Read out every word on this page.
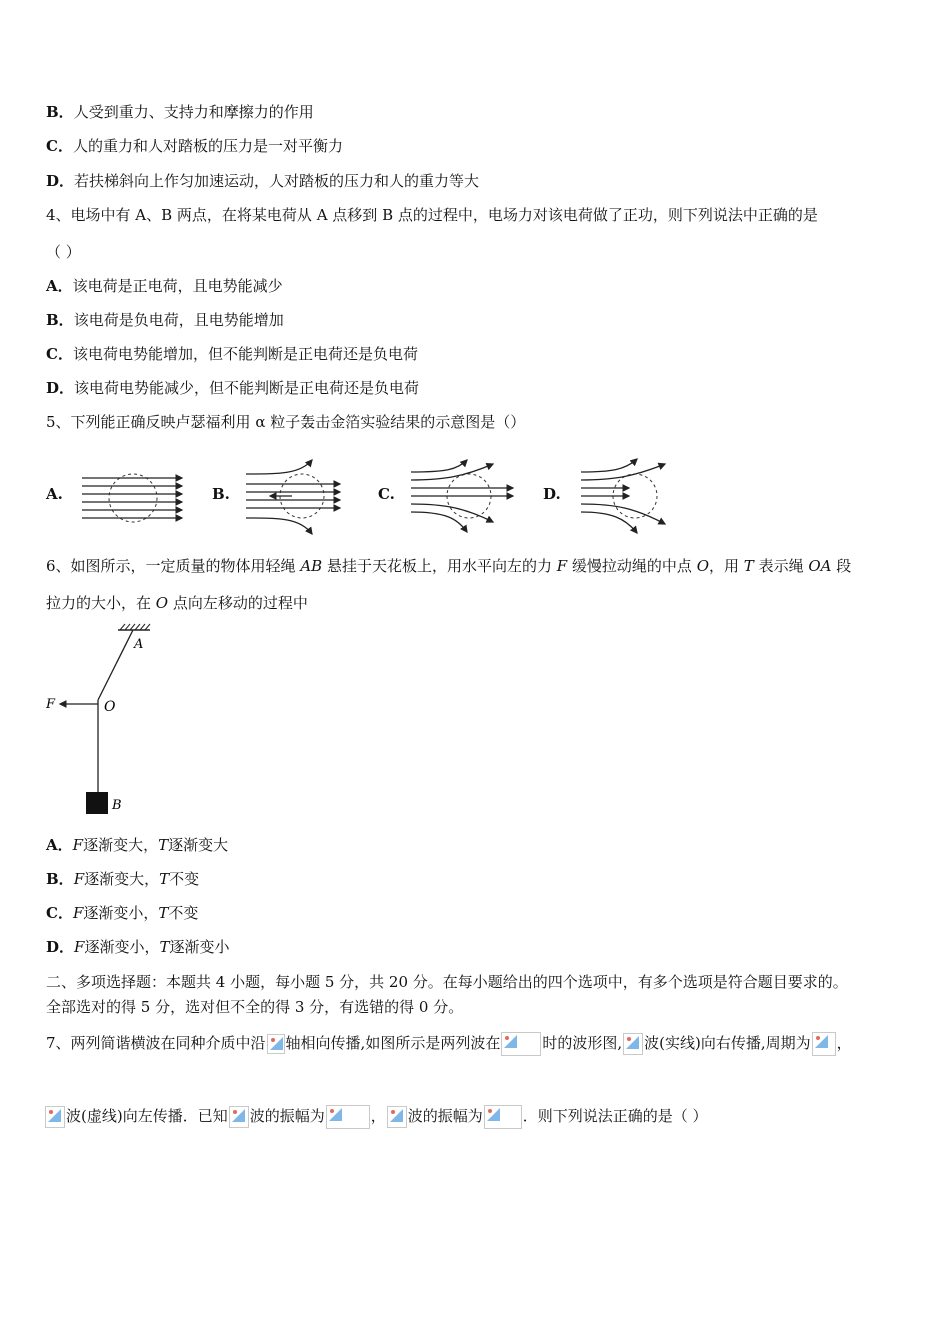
B．人受到重力、支持力和摩擦力的作用
C．人的重力和人对踏板的压力是一对平衡力
D．若扶梯斜向上作匀加速运动，人对踏板的压力和人的重力等大
4、电场中有 A、B 两点，在将某电荷从 A 点移到 B 点的过程中，电场力对该电荷做了正功，则下列说法中正确的是
（ ）
A．该电荷是正电荷，且电势能减少
B．该电荷是负电荷，且电势能增加
C．该电荷电势能增加，但不能判断是正电荷还是负电荷
D．该电荷电势能减少，但不能判断是正电荷还是负电荷
5、下列能正确反映卢瑟福利用 α 粒子轰击金箔实验结果的示意图是（）
A.	B.	C.	D.
6、如图所示，一定质量的物体用轻绳 AB 悬挂于天花板上，用水平向左的力 F 缓慢拉动绳的中点 O，用 T 表示绳 OA 段
拉力的大小，在 O 点向左移动的过程中
A
O
F
B
A．F逐渐变大，T逐渐变大
B．F逐渐变大，T不变
C．F逐渐变小，T不变
D．F逐渐变小，T逐渐变小
二、多项选择题：本题共 4 小题，每小题 5 分，共 20 分。在每小题给出的四个选项中，有多个选项是符合题目要求的。
全部选对的得 5 分，选对但不全的得 3 分，有选错的得 0 分。
7、两列简谐横波在同种介质中沿 轴相向传播,如图所示是两列波在	时的波形图, 波(实线)向右传播,周期为 ，
波(虚线)向左传播．已知 波的振幅为	， 波的振幅为	．则下列说法正确的是（ ）
